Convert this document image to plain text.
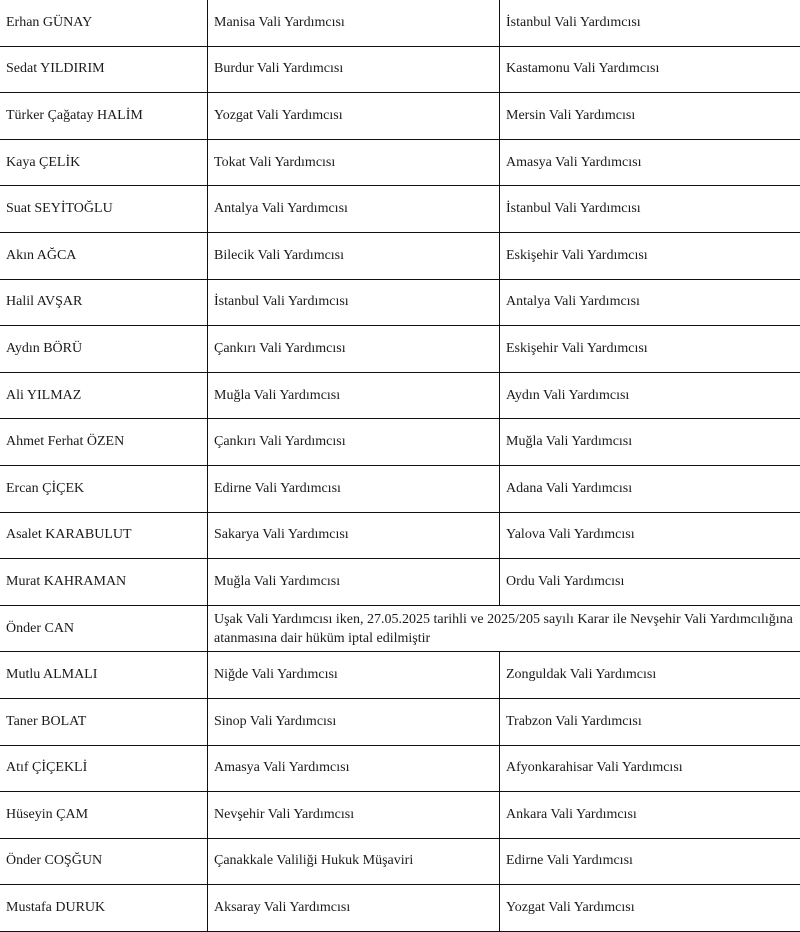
Erhan GÜNAY	Manisa Vali Yardımcısı	İstanbul Vali Yardımcısı
Sedat YILDIRIM	Burdur Vali Yardımcısı	Kastamonu Vali Yardımcısı
Türker Çağatay HALİM	Yozgat Vali Yardımcısı	Mersin Vali Yardımcısı
Kaya ÇELİK	Tokat Vali Yardımcısı	Amasya Vali Yardımcısı
Suat SEYİTOĞLU	Antalya Vali Yardımcısı	İstanbul Vali Yardımcısı
Akın AĞCA	Bilecik Vali Yardımcısı	Eskişehir Vali Yardımcısı
Halil AVŞAR	İstanbul Vali Yardımcısı	Antalya Vali Yardımcısı
Aydın BÖRÜ	Çankırı Vali Yardımcısı	Eskişehir Vali Yardımcısı
Ali YILMAZ	Muğla Vali Yardımcısı	Aydın Vali Yardımcısı
Ahmet Ferhat ÖZEN	Çankırı Vali Yardımcısı	Muğla Vali Yardımcısı
Ercan ÇİÇEK	Edirne Vali Yardımcısı	Adana Vali Yardımcısı
Asalet KARABULUT	Sakarya Vali Yardımcısı	Yalova Vali Yardımcısı
Murat KAHRAMAN	Muğla Vali Yardımcısı	Ordu Vali Yardımcısı
Önder CAN	Uşak Vali Yardımcısı iken, 27.05.2025 tarihli ve 2025/205 sayılı Karar ile Nevşehir Vali Yardımcılığına atanmasına dair hüküm iptal edilmiştir	
Mutlu ALMALI	Niğde Vali Yardımcısı	Zonguldak Vali Yardımcısı
Taner BOLAT	Sinop Vali Yardımcısı	Trabzon Vali Yardımcısı
Atıf ÇİÇEKLİ	Amasya Vali Yardımcısı	Afyonkarahisar Vali Yardımcısı
Hüseyin ÇAM	Nevşehir Vali Yardımcısı	Ankara Vali Yardımcısı
Önder COŞĞUN	Çanakkale Valiliği Hukuk Müşaviri	Edirne Vali Yardımcısı
Mustafa DURUK	Aksaray Vali Yardımcısı	Yozgat Vali Yardımcısı
